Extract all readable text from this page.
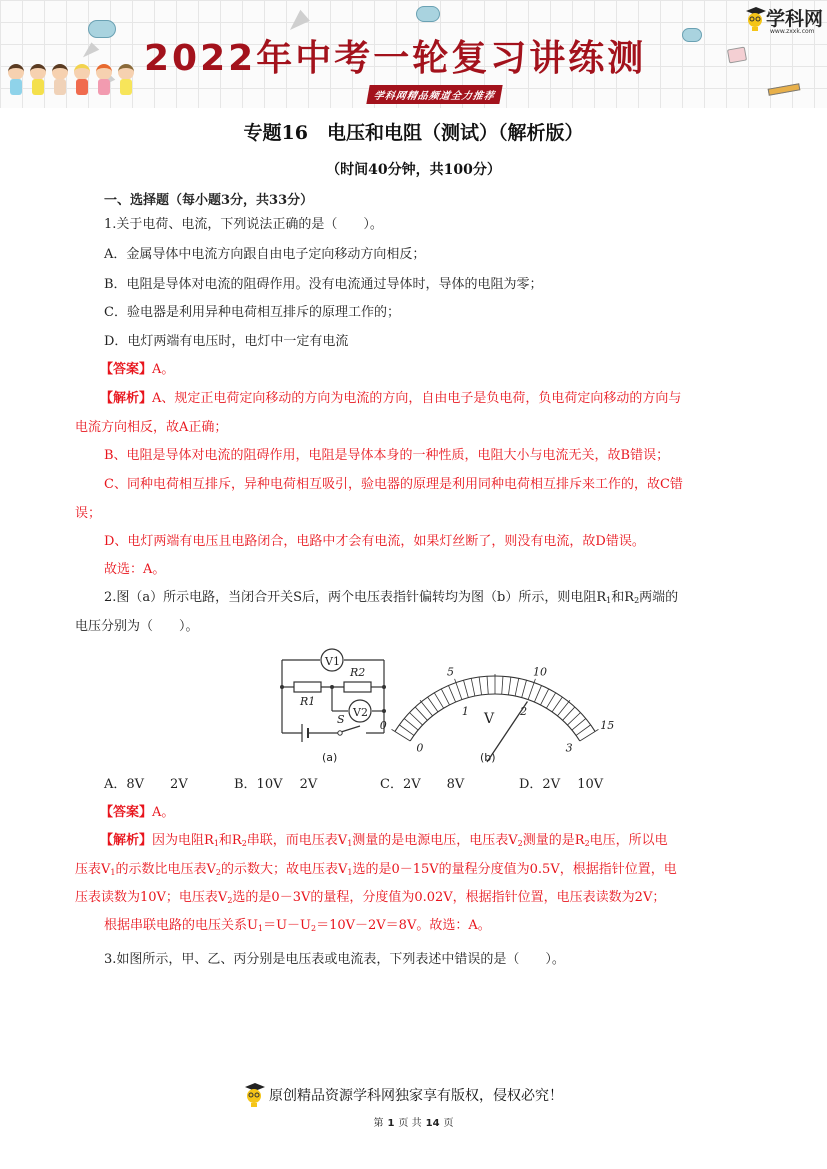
2022年中考一轮复习讲练测
学科网精品频道全力推荐
学科网
www.zxxk.com
专题16　电压和电阻（测试）（解析版）
（时间40分钟，共100分）
一、选择题（每小题3分，共33分）
1.关于电荷、电流，下列说法正确的是（　　）。
A．金属导体中电流方向跟自由电子定向移动方向相反；
B．电阻是导体对电流的阻碍作用。没有电流通过导体时，导体的电阻为零；
C．验电器是利用异种电荷相互排斥的原理工作的；
D．电灯两端有电压时，电灯中一定有电流
【答案】A。
【解析】A、规定正电荷定向移动的方向为电流的方向，自由电子是负电荷，负电荷定向移动的方向与
电流方向相反，故A正确；
B、电阻是导体对电流的阻碍作用，电阻是导体本身的一种性质，电阻大小与电流无关，故B错误；
C、同种电荷相互排斥，异种电荷相互吸引，验电器的原理是利用同种电荷相互排斥来工作的，故C错
误；
D、电灯两端有电压且电路闭合，电路中才会有电流，如果灯丝断了，则没有电流，故D错误。
故选：A。
2.图（a）所示电路，当闭合开关S后，两个电压表指针偏转均为图（b）所示，则电阻$R_1$和$R_2$两端的
电压分别为（　　）。
V1
V2
R2
R1
S
(a)
0
5	10
15
0
1	2
3
V
(b)
A．8V　　2V	B．10V　 2V	C．2V　　8V	D．2V　 10V
【答案】A。
【解析】因为电阻$R_1$和$R_2$串联，而电压表$V_1$测量的是电源电压，电压表$V_2$测量的是$R_2$电压，所以电
压表$V_1$的示数比电压表$V_2$的示数大；故电压表$V_1$选的是0－15V的量程分度值为0.5V，根据指针位置，电
压表读数为10V；电压表$V_2$选的是0－3V的量程，分度值为0.02V，根据指针位置，电压表读数为2V；
根据串联电路的电压关系$U_1=U-U_2=10V-2V=8V$。故选：A。
3.如图所示，甲、乙、丙分别是电压表或电流表，下列表述中错误的是（　　）。
原创精品资源学科网独家享有版权，侵权必究！
第 1 页 共 14 页
